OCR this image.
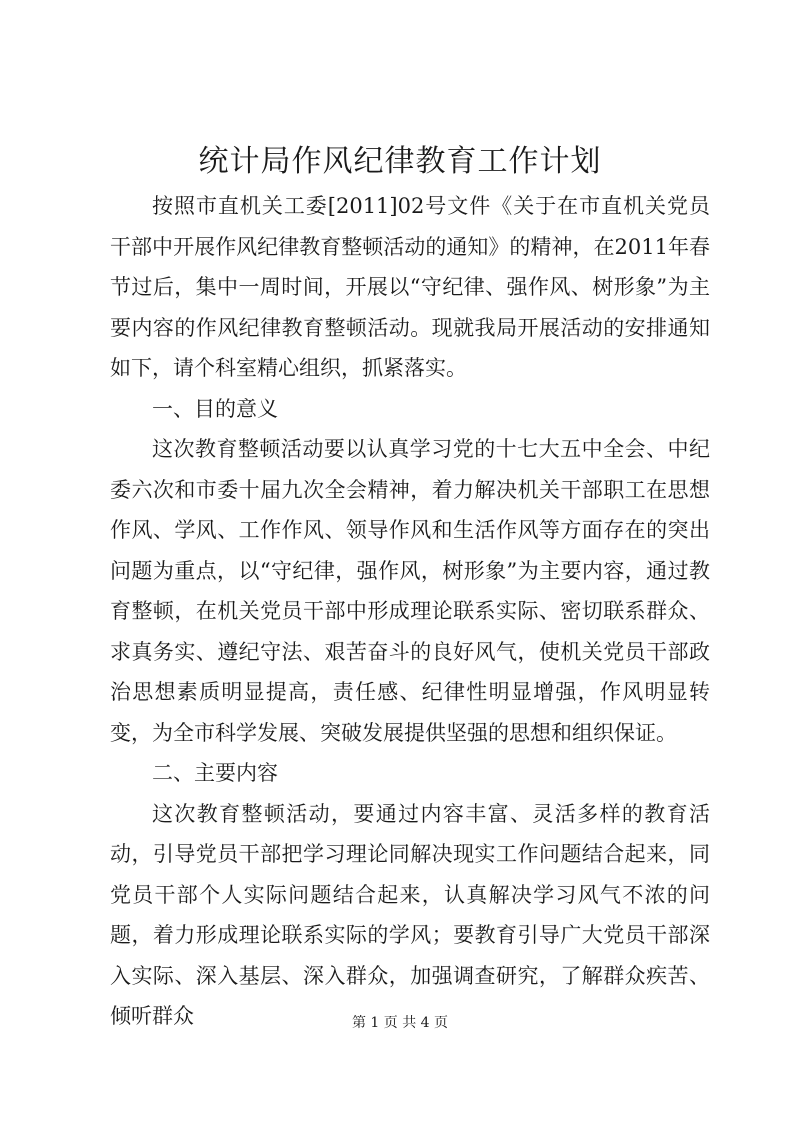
统计局作风纪律教育工作计划

按照市直机关工委[2011]02号文件《关于在市直机关党员干部中开展作风纪律教育整顿活动的通知》的精神，在2011年春节过后，集中一周时间，开展以“守纪律、强作风、树形象”为主要内容的作风纪律教育整顿活动。现就我局开展活动的安排通知如下，请个科室精心组织，抓紧落实。

一、目的意义

这次教育整顿活动要以认真学习党的十七大五中全会、中纪委六次和市委十届九次全会精神，着力解决机关干部职工在思想作风、学风、工作作风、领导作风和生活作风等方面存在的突出问题为重点，以“守纪律，强作风，树形象”为主要内容，通过教育整顿，在机关党员干部中形成理论联系实际、密切联系群众、求真务实、遵纪守法、艰苦奋斗的良好风气，使机关党员干部政治思想素质明显提高，责任感、纪律性明显增强，作风明显转变，为全市科学发展、突破发展提供坚强的思想和组织保证。

二、主要内容

这次教育整顿活动，要通过内容丰富、灵活多样的教育活动，引导党员干部把学习理论同解决现实工作问题结合起来，同党员干部个人实际问题结合起来，认真解决学习风气不浓的问题，着力形成理论联系实际的学风；要教育引导广大党员干部深入实际、深入基层、深入群众，加强调查研究，了解群众疾苦、倾听群众	第 1 页 共 4 页
